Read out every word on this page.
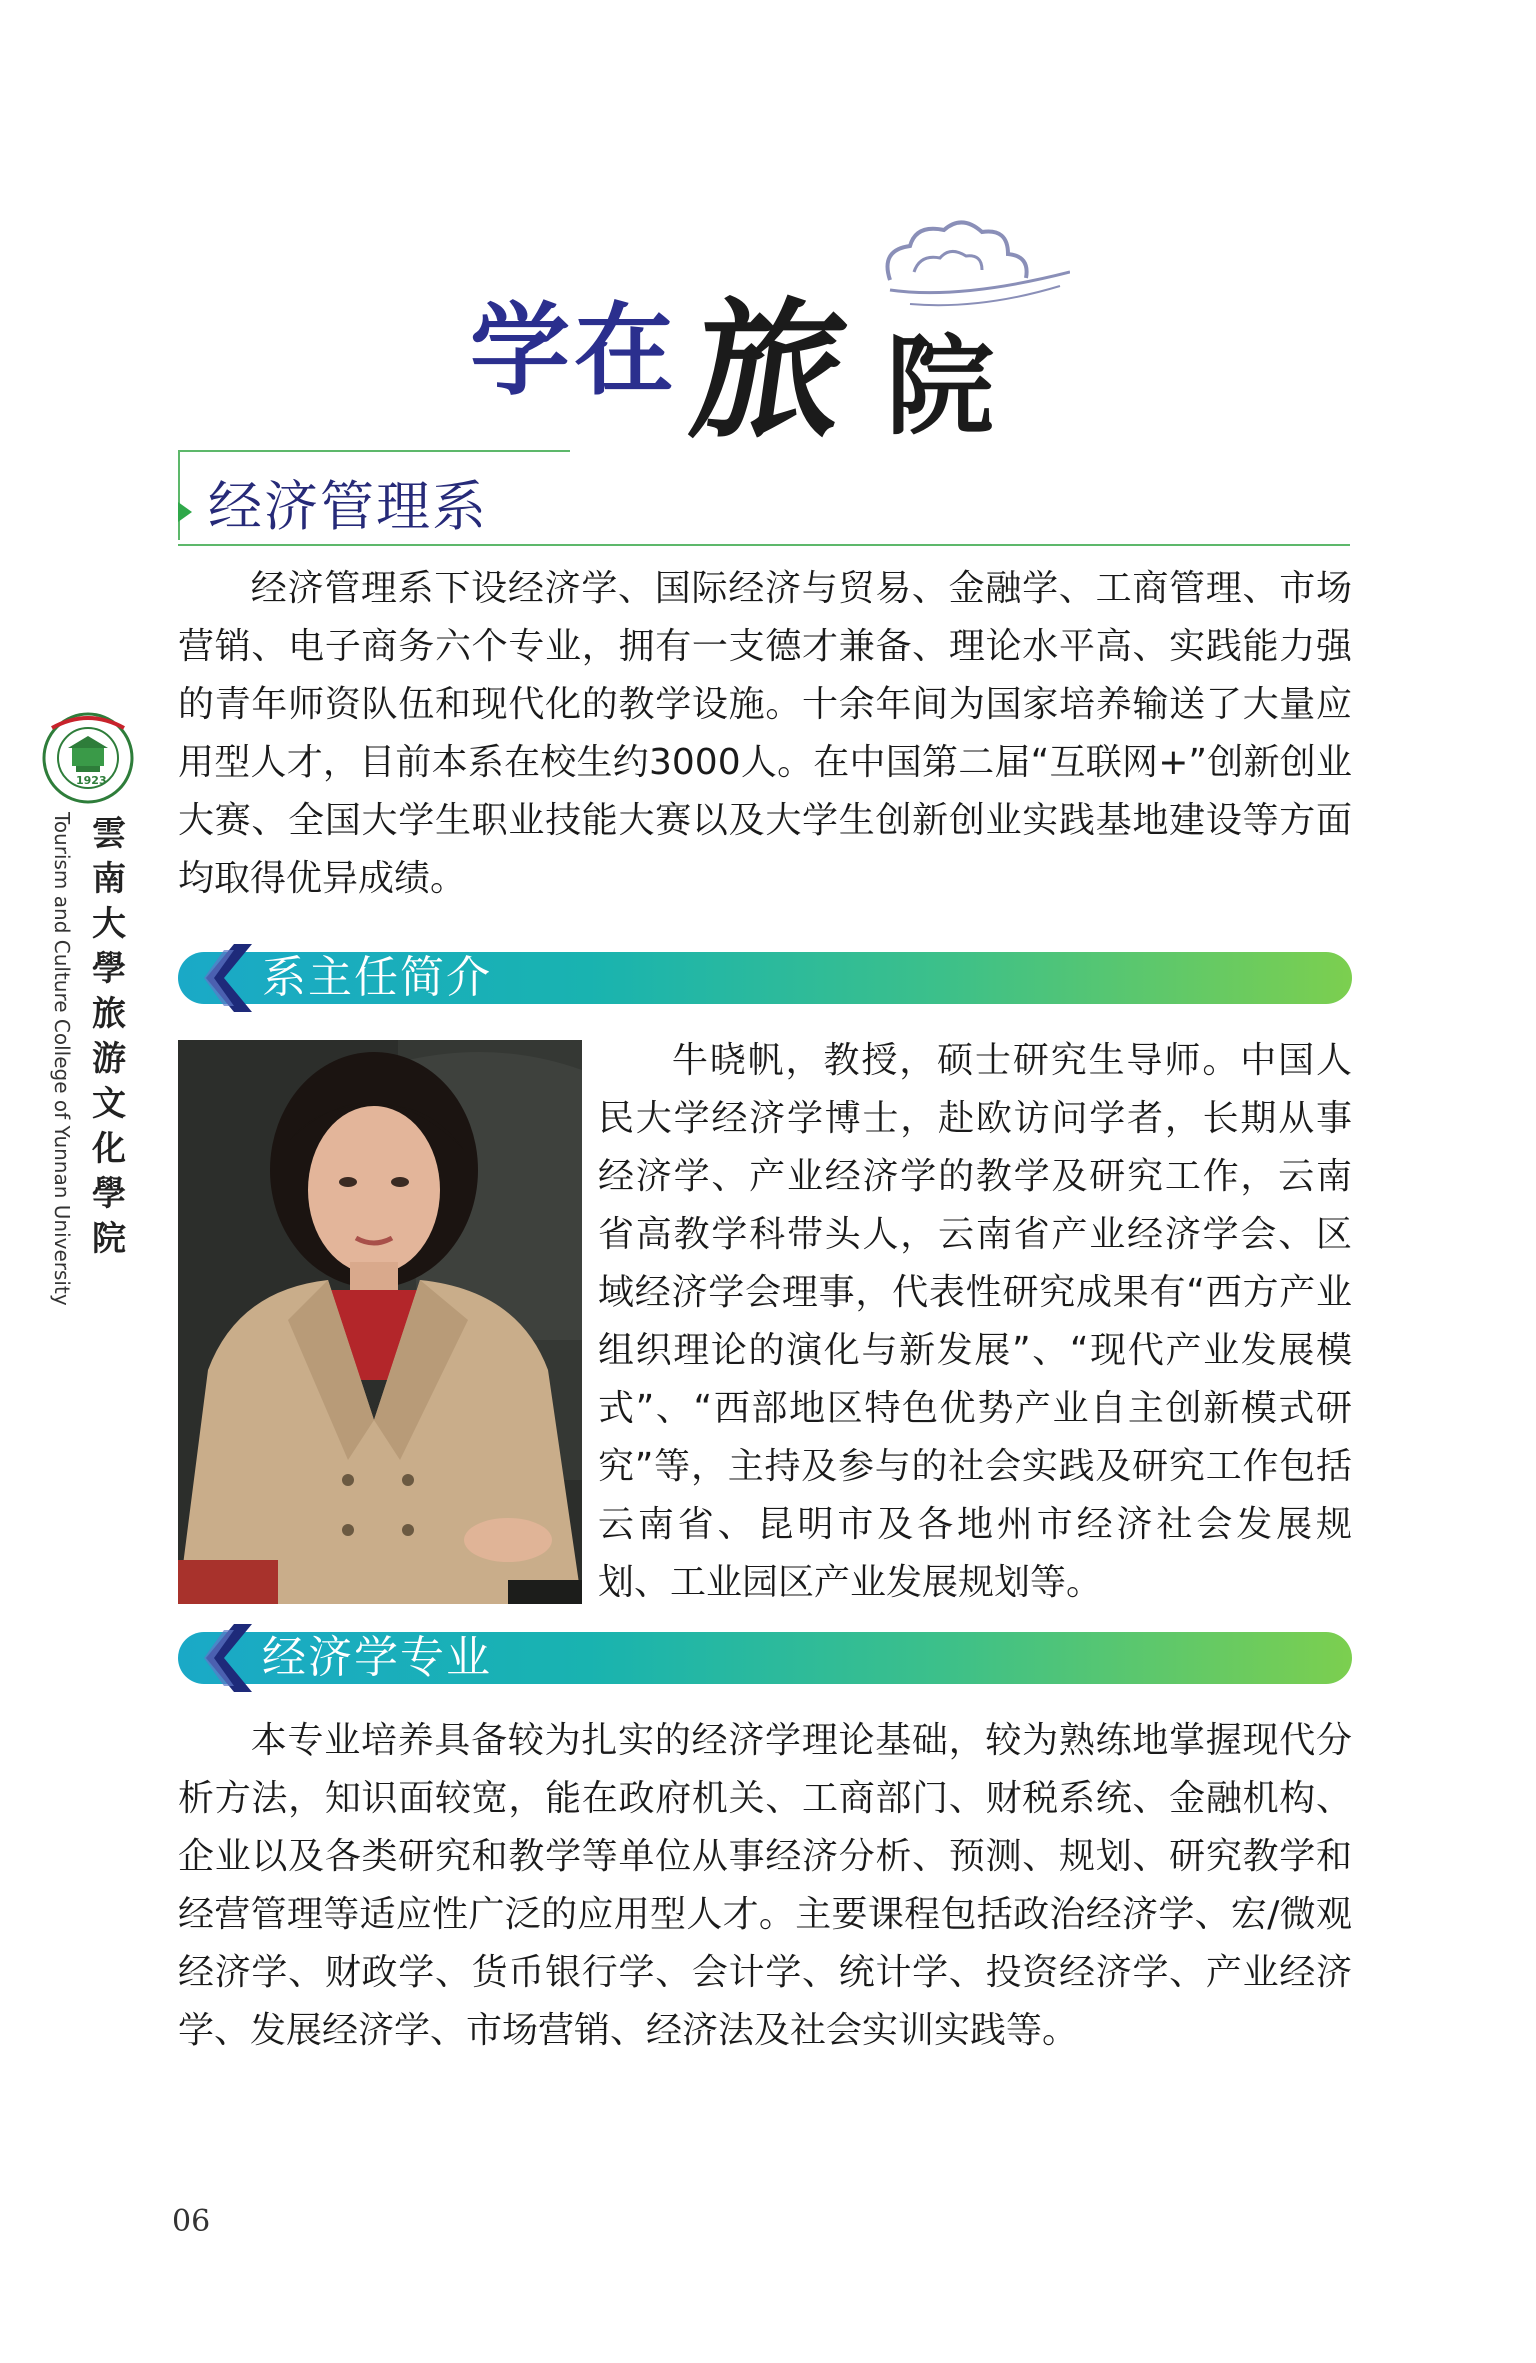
1923
雲
南
大
學
旅
游
文
化
學
院
Tourism and Culture College of Yunnan University
学在 旅 院
经济管理系
经济管理系下设经济学、国际经济与贸易、金融学、工商管理、市场营销、电子商务六个专业，拥有一支德才兼备、理论水平高、实践能力强的青年师资队伍和现代化的教学设施。十余年间为国家培养输送了大量应用型人才，目前本系在校生约3000人。在中国第二届“互联网+”创新创业大赛、全国大学生职业技能大赛以及大学生创新创业实践基地建设等方面均取得优异成绩。
系主任简介
牛晓帆，教授，硕士研究生导师。中国人民大学经济学博士，赴欧访问学者，长期从事经济学、产业经济学的教学及研究工作，云南省高教学科带头人，云南省产业经济学会、区域经济学会理事，代表性研究成果有“西方产业组织理论的演化与新发展”、“现代产业发展模式”、“西部地区特色优势产业自主创新模式研究”等，主持及参与的社会实践及研究工作包括云南省、昆明市及各地州市经济社会发展规划、工业园区产业发展规划等。
经济学专业
本专业培养具备较为扎实的经济学理论基础，较为熟练地掌握现代分析方法，知识面较宽，能在政府机关、工商部门、财税系统、金融机构、企业以及各类研究和教学等单位从事经济分析、预测、规划、研究教学和经营管理等适应性广泛的应用型人才。主要课程包括政治经济学、宏/微观经济学、财政学、货币银行学、会计学、统计学、投资经济学、产业经济学、发展经济学、市场营销、经济法及社会实训实践等。
06
